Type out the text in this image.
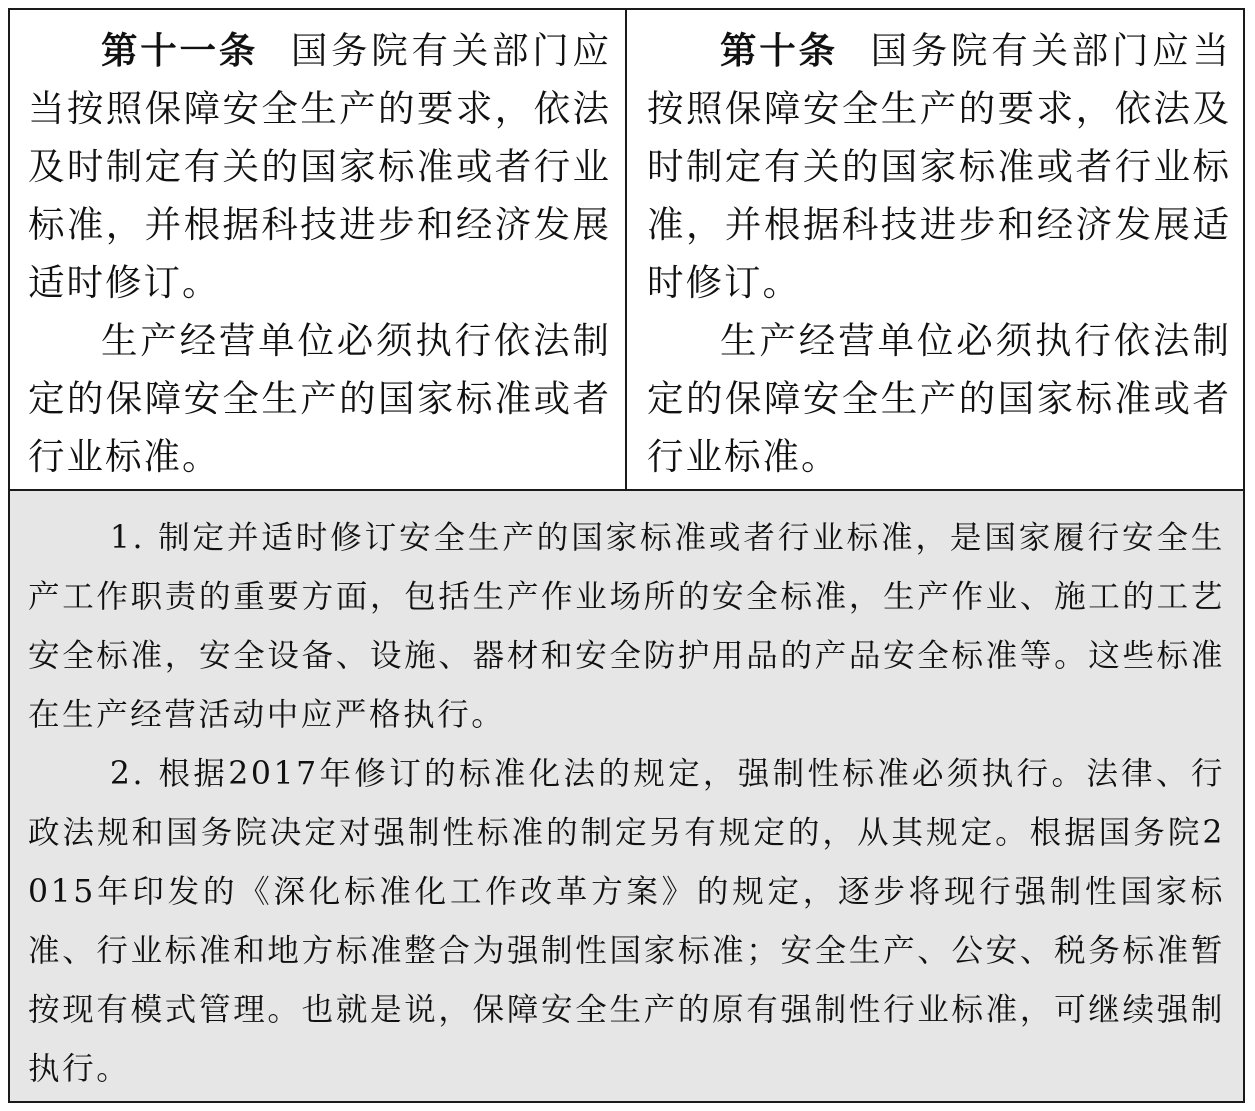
第十一条 国务院有关部门应当按照保障安全生产的要求，依法及时制定有关的国家标准或者行业标准，并根据科技进步和经济发展适时修订。

生产经营单位必须执行依法制定的保障安全生产的国家标准或者行业标准。

第十条 国务院有关部门应当按照保障安全生产的要求，依法及时制定有关的国家标准或者行业标准，并根据科技进步和经济发展适时修订。

生产经营单位必须执行依法制定的保障安全生产的国家标准或者行业标准。

1. 制定并适时修订安全生产的国家标准或者行业标准，是国家履行安全生产工作职责的重要方面，包括生产作业场所的安全标准，生产作业、施工的工艺安全标准，安全设备、设施、器材和安全防护用品的产品安全标准等。这些标准在生产经营活动中应严格执行。

2. 根据2017年修订的标准化法的规定，强制性标准必须执行。法律、行政法规和国务院决定对强制性标准的制定另有规定的，从其规定。根据国务院2015年印发的《深化标准化工作改革方案》的规定，逐步将现行强制性国家标准、行业标准和地方标准整合为强制性国家标准；安全生产、公安、税务标准暂按现有模式管理。也就是说，保障安全生产的原有强制性行业标准，可继续强制执行。
